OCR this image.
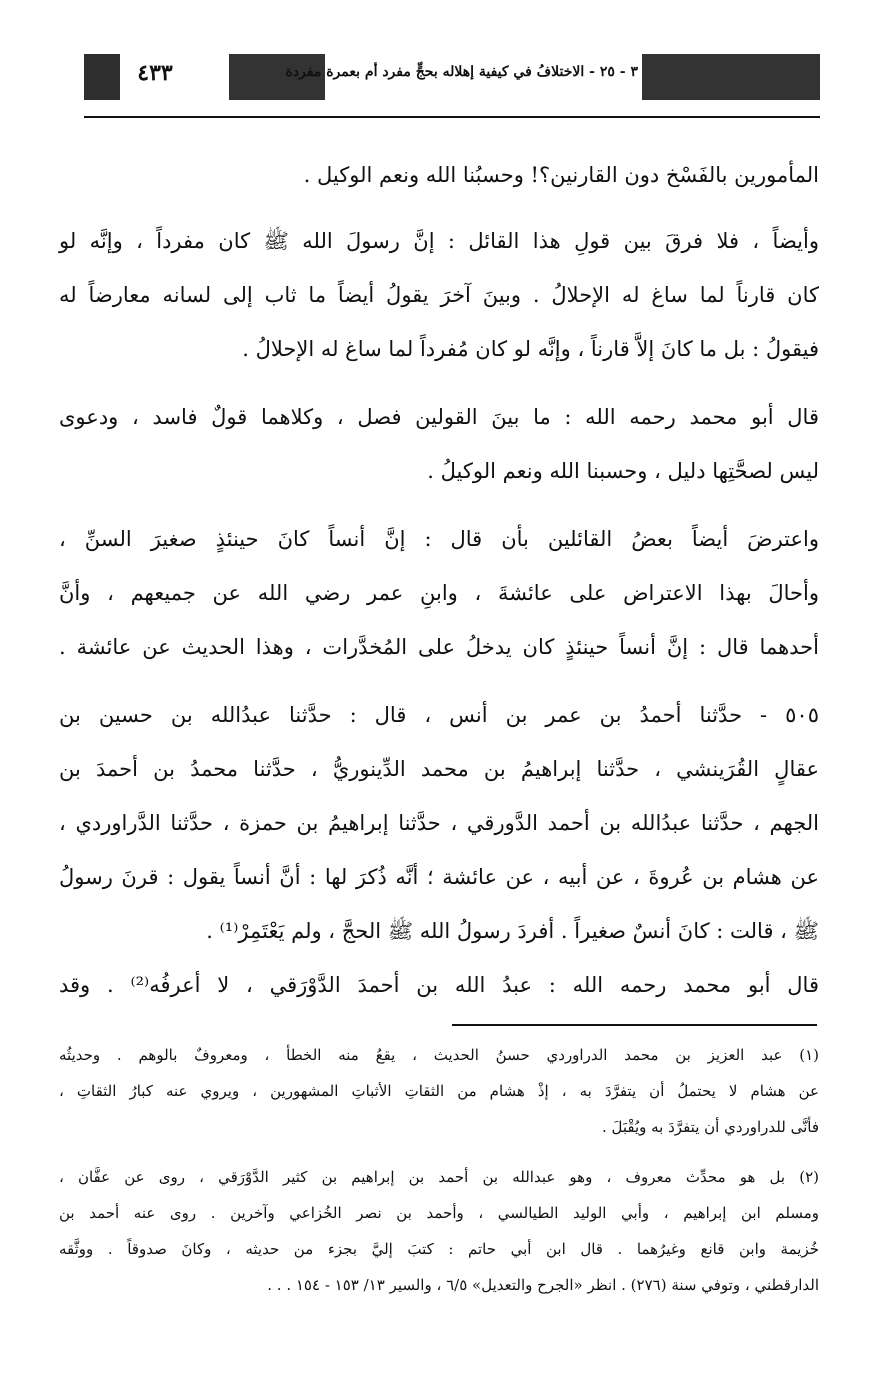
٣ - ٢٥ - الاختلافُ في كيفية إهلاله بحجٍّ مفرد أم بعمرة مفردة
٤٣٣
المأمورين بالفَسْخ دون القارنين؟! وحسبُنا الله ونعم الوكيل .
وأيضاً ، فلا فرقَ بين قولِ هذا القائل : إنَّ رسولَ الله ﷺ كان مفرداً ، وإنَّه لو
كان قارناً لما ساغ له الإحلالُ . وبينَ آخرَ يقولُ أيضاً ما ثاب إلى لسانه معارضاً له
فيقولُ : بل ما كانَ إلاَّ قارناً ، وإنَّه لو كان مُفرداً لما ساغ له الإحلالُ .
قال أبو محمد رحمه الله : ما بينَ القولين فصل ، وكلاهما قولٌ فاسد ، ودعوى
ليس لصحَّتِها دليل ، وحسبنا الله ونعم الوكيلُ .
واعترضَ أيضاً بعضُ القائلين بأن قال : إنَّ أنساً كانَ حينئذٍ صغيرَ السنِّ ،
وأحالَ بهذا الاعتراض على عائشةَ ، وابنِ عمر رضي الله عن جميعهم ، وأنَّ
أحدهما قال : إنَّ أنساً حينئذٍ كان يدخلُ على المُخدَّرات ، وهذا الحديث عن عائشة .
٥٠٥ - حدَّثنا أحمدُ بن عمر بن أنس ، قال : حدَّثنا عبدُالله بن حسين بن
عقالٍ القُرَينشي ، حدَّثنا إبراهيمُ بن محمد الدِّينوريُّ ، حدَّثنا محمدُ بن أحمدَ بن
الجهم ، حدَّثنا عبدُالله بن أحمد الدَّورقي ، حدَّثنا إبراهيمُ بن حمزة ، حدَّثنا الدَّراوردي ،
عن هشام بن عُروةَ ، عن أبيه ، عن عائشة ؛ أنَّه ذُكرَ لها : أنَّ أنساً يقول : قرنَ رسولُ
ﷺ ، قالت : كانَ أنسٌ صغيراً . أفردَ رسولُ الله ﷺ الحجَّ ، ولم يَعْتَمِرْ⁽¹⁾ .
قال أبو محمد رحمه الله : عبدُ الله بن أحمدَ الدَّوْرَقي ، لا أعرفُه⁽²⁾ . وقد
(١) عبد العزيز بن محمد الدراوردي حسنُ الحديث ، يقعُ منه الخطأ ، ومعروفٌ بالوهم . وحديثُه
عن هشام لا يحتملُ أن يتفرَّدَ به ، إذْ هشام من الثقاتِ الأثباتِ المشهورين ، ويروي عنه كبارُ الثقاتِ ،
فأنَّى للدراوردي أن يتفرَّدَ به ويُقْبَلَ .
(٢) بل هو محدِّث معروف ، وهو عبدالله بن أحمد بن إبراهيم بن كثير الدَّوْرَقي ، روى عن عفَّان ،
ومسلم ابن إبراهيم ، وأبي الوليد الطيالسي ، وأحمد بن نصر الخُزاعي وآخرين . روى عنه أحمد بن
خُزيمة وابن قانع وغيرُهما . قال ابن أبي حاتم : كتبَ إليَّ بجزء من حديثه ، وكانَ صدوقاً . ووثَّقه
الدارقطني ، وتوفي سنة (٢٧٦) . انظر «الجرح والتعديل» ٦/٥ ، والسير ١٣/ ١٥٣ - ١٥٤ . . .
